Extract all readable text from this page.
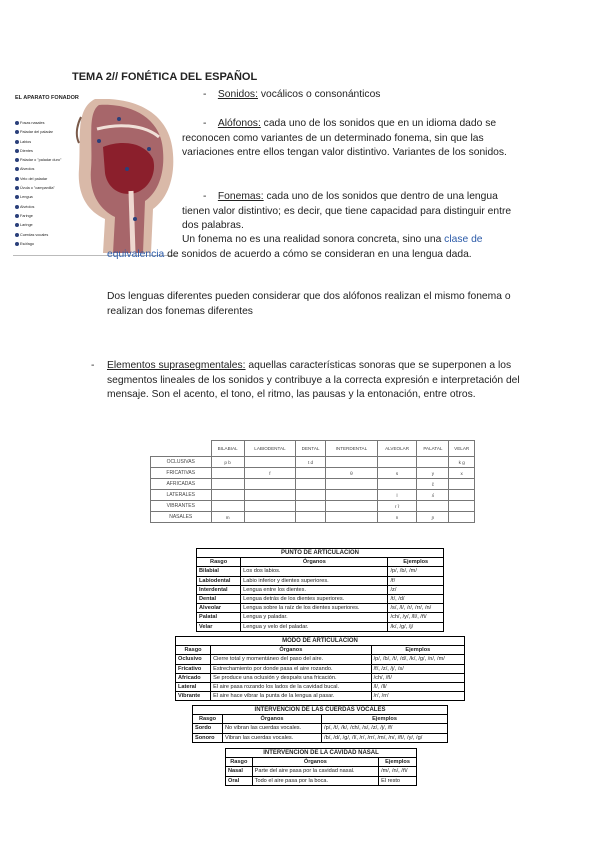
TEMA 2// FONÉTICA DEL ESPAÑOL
EL APARATO FONADOR
Fosas nasales
Paladar del paladar
Labios
Dientes
Paladar o "paladar duro"
Alveolos
Velo del paladar
Úvula o "campanilla"
Lengua
Alvéolos
Faringe
Laringe
Cuerdas vocales
Esófago
-    Sonidos: vocálicos o consonánticos
-    Alófonos: cada uno de los sonidos que en un idioma dado se reconocen como variantes de un determinado fonema, sin que las variaciones entre ellos tengan valor distintivo. Variantes de los sonidos.
-    Fonemas: cada uno de los sonidos que dentro de una lengua tienen valor distintivo; es decir, que tiene capacidad para distinguir entre dos palabras.
Un fonema no es una realidad sonora concreta, sino una clase de equivalencia de sonidos de acuerdo a cómo se consideran en una lengua dada.
Dos lenguas diferentes pueden considerar que dos alófonos realizan el mismo fonema o realizan dos fonemas diferentes
- Elementos suprasegmentales: aquellas características sonoras que se superponen a los segmentos lineales de los sonidos y contribuye a la correcta expresión e interpretación del mensaje. Son el acento, el tono, el ritmo, las pausas y la entonación, entre otros.
	BILABIAL	LABIODENTAL	DENTAL	INTERDENTAL	ALVEOLAR	PALATAL	VELAR
OCLUSIVAS	p b		t d				k g
FRICATIVAS		f		θ	s	y	x
AFRICADAS						ĉ	
LATERALES					l	ʎ	
VIBRANTES					r r̄		
NASALES	m				n	ɲ	
PUNTO DE ARTICULACIÓN		
Rasgo	Órganos	Ejemplos
Bilabial	Los dos labios.	/p/, /b/, /m/
Labiodental	Labio inferior y dientes superiores.	/f/
Interdental	Lengua entre los dientes.	/z/
Dental	Lengua detrás de los dientes superiores.	/t/, /d/
Alveolar	Lengua sobre la raíz de los dientes superiores.	/s/, /l/, /r/, /rr/, /n/
Palatal	Lengua y paladar.	/ch/, /y/, /ll/, /ñ/
Velar	Lengua y velo del paladar.	/k/, /g/, /j/
MODO DE ARTICULACIÓN		
Rasgo	Órganos	Ejemplos
Oclusivo	Cierre total y momentáneo del paso del aire.	/p/, /b/, /t/, /d/, /k/, /g/, /n/, /m/
Fricativo	Estrechamiento por donde pasa el aire rozando.	/f/, /z/, /j/, /s/
Africado	Se produce una oclusión y después una fricación.	/ch/, /ñ/
Lateral	El aire pasa rozando los lados de la cavidad bucal.	/l/, /ll/
Vibrante	El aire hace vibrar la punta de la lengua al pasar.	/r/, /rr/
INTERVENCIÓN DE LAS CUERDAS VOCALES		
Rasgo	Órganos	Ejemplos
Sordo	No vibran las cuerdas vocales.	/p/, /t/, /k/, /ch/, /s/, /z/, /j/, /f/
Sonoro	Vibran las cuerdas vocales.	/b/, /d/, /g/, /l/, /r/, /rr/, /m/, /n/, /ñ/, /y/, /g/
INTERVENCIÓN DE LA CAVIDAD NASAL		
Rasgo	Órganos	Ejemplos
Nasal	Parte del aire pasa por la cavidad nasal.	/m/, /n/, /ñ/
Oral	Todo el aire pasa por la boca.	El resto
